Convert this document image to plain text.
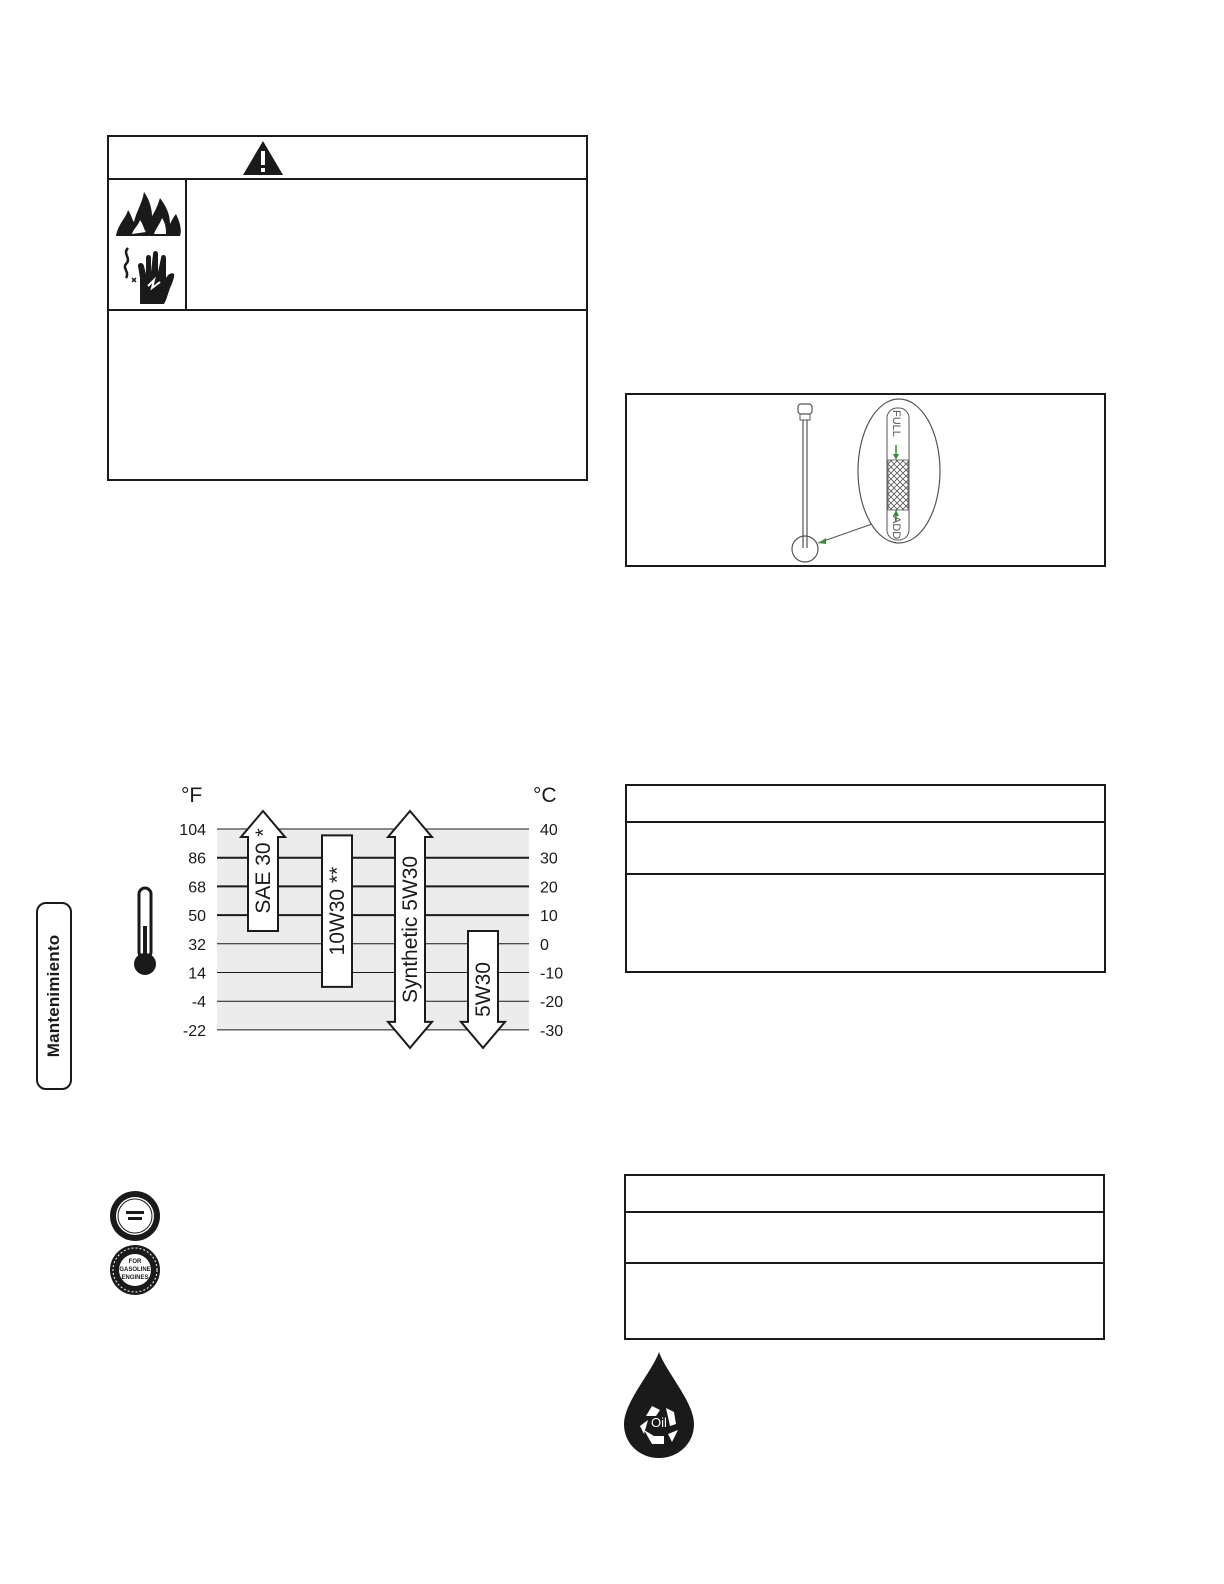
FULL
ADD
Mantenimiento
°F	°C
104	40
86	30
68	20
50	10
32	0
14	-10
-4	-20
-22	-30
SAE 30 * 10W30 ** Synthetic 5W30 5W30
FOR
GASOLINE
ENGINES
Oil
